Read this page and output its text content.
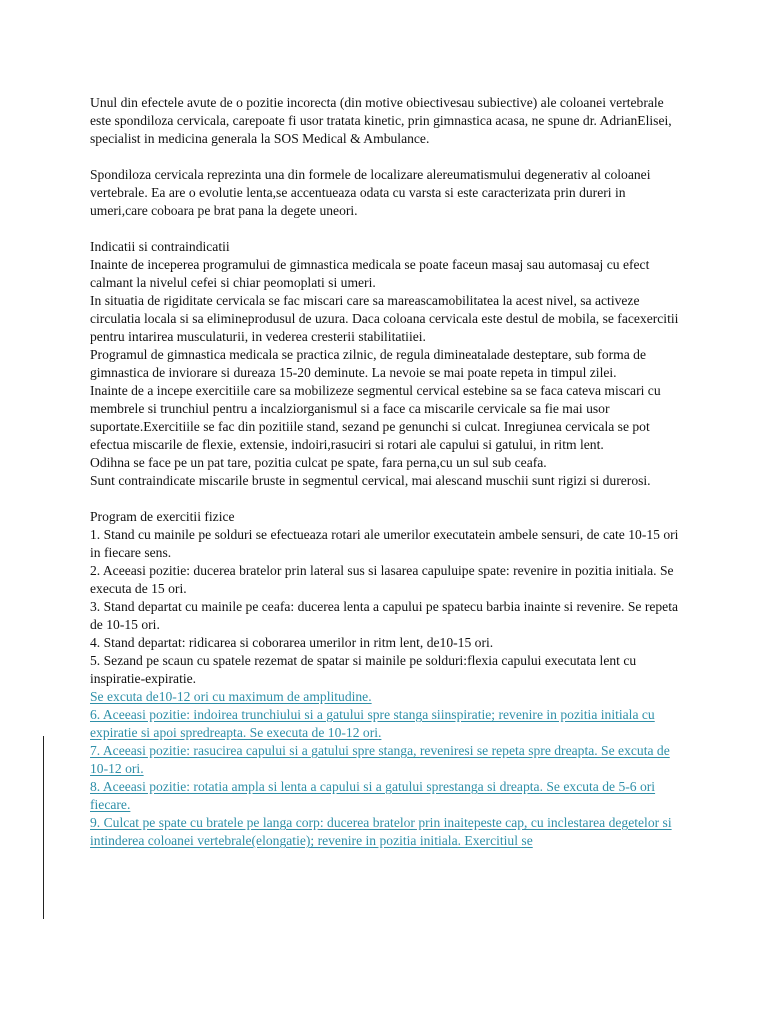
Unul din efectele avute de o pozitie incorecta (din motive obiectivesau subiective) ale coloanei vertebrale este spondiloza cervicala, carepoate fi usor tratata kinetic, prin gimnastica acasa, ne spune dr. AdrianElisei, specialist in medicina generala la SOS Medical & Ambulance.

Spondiloza cervicala reprezinta una din formele de localizare alereumatismului degenerativ al coloanei vertebrale. Ea are o evolutie lenta,se accentueaza odata cu varsta si este caracterizata prin dureri in umeri,care coboara pe brat pana la degete uneori.

Indicatii si contraindicatii

Inainte de inceperea programului de gimnastica medicala se poate faceun masaj sau automasaj cu efect calmant la nivelul cefei si chiar peomoplati si umeri.

In situatia de rigiditate cervicala se fac miscari care sa mareascamobilitatea la acest nivel, sa activeze circulatia locala si sa elimineprodusul de uzura. Daca coloana cervicala este destul de mobila, se facexercitii pentru intarirea musculaturii, in vederea cresterii stabilitatiiei.

Programul de gimnastica medicala se practica zilnic, de regula dimineatalade desteptare, sub forma de gimnastica de inviorare si dureaza 15-20 deminute. La nevoie se mai poate repeta in timpul zilei.

Inainte de a incepe exercitiile care sa mobilizeze segmentul cervical estebine sa se faca cateva miscari cu membrele si trunchiul pentru a incalziorganismul si a face ca miscarile cervicale sa fie mai usor suportate.Exercitiile se fac din pozitiile stand, sezand pe genunchi si culcat. Inregiunea cervicala se pot efectua miscarile de flexie, extensie, indoiri,rasuciri si rotari ale capului si gatului, in ritm lent.

Odihna se face pe un pat tare, pozitia culcat pe spate, fara perna,cu un sul sub ceafa.

Sunt contraindicate miscarile bruste in segmentul cervical, mai alescand muschii sunt rigizi si durerosi.

Program de exercitii fizice

1. Stand cu mainile pe solduri se efectueaza rotari ale umerilor executatein ambele sensuri, de cate 10-15 ori in fiecare sens.

2. Aceeasi pozitie: ducerea bratelor prin lateral sus si lasarea capuluipe spate: revenire in pozitia initiala. Se executa de 15 ori.

3. Stand departat cu mainile pe ceafa: ducerea lenta a capului pe spatecu barbia inainte si revenire. Se repeta de 10-15 ori.

4. Stand departat: ridicarea si coborarea umerilor in ritm lent, de10-15 ori.

5. Sezand pe scaun cu spatele rezemat de spatar si mainile pe solduri:flexia capului executata lent cu inspiratie-expiratie.

Se excuta de10-12 ori cu maximum de amplitudine.

6. Aceeasi pozitie: indoirea trunchiului si a gatului spre stanga siinspiratie; revenire in pozitia initiala cu expiratie si apoi spredreapta. Se executa de 10-12 ori.

7. Aceeasi pozitie: rasucirea capului si a gatului spre stanga, reveniresi se repeta spre dreapta. Se excuta de 10-12 ori.

8. Aceeasi pozitie: rotatia ampla si lenta a capului si a gatului sprestanga si dreapta. Se excuta de 5-6 ori fiecare.

9. Culcat pe spate cu bratele pe langa corp: ducerea bratelor prin inaitepeste cap, cu inclestarea degetelor si intinderea coloanei vertebrale(elongatie); revenire in pozitia initiala. Exercitiul se
